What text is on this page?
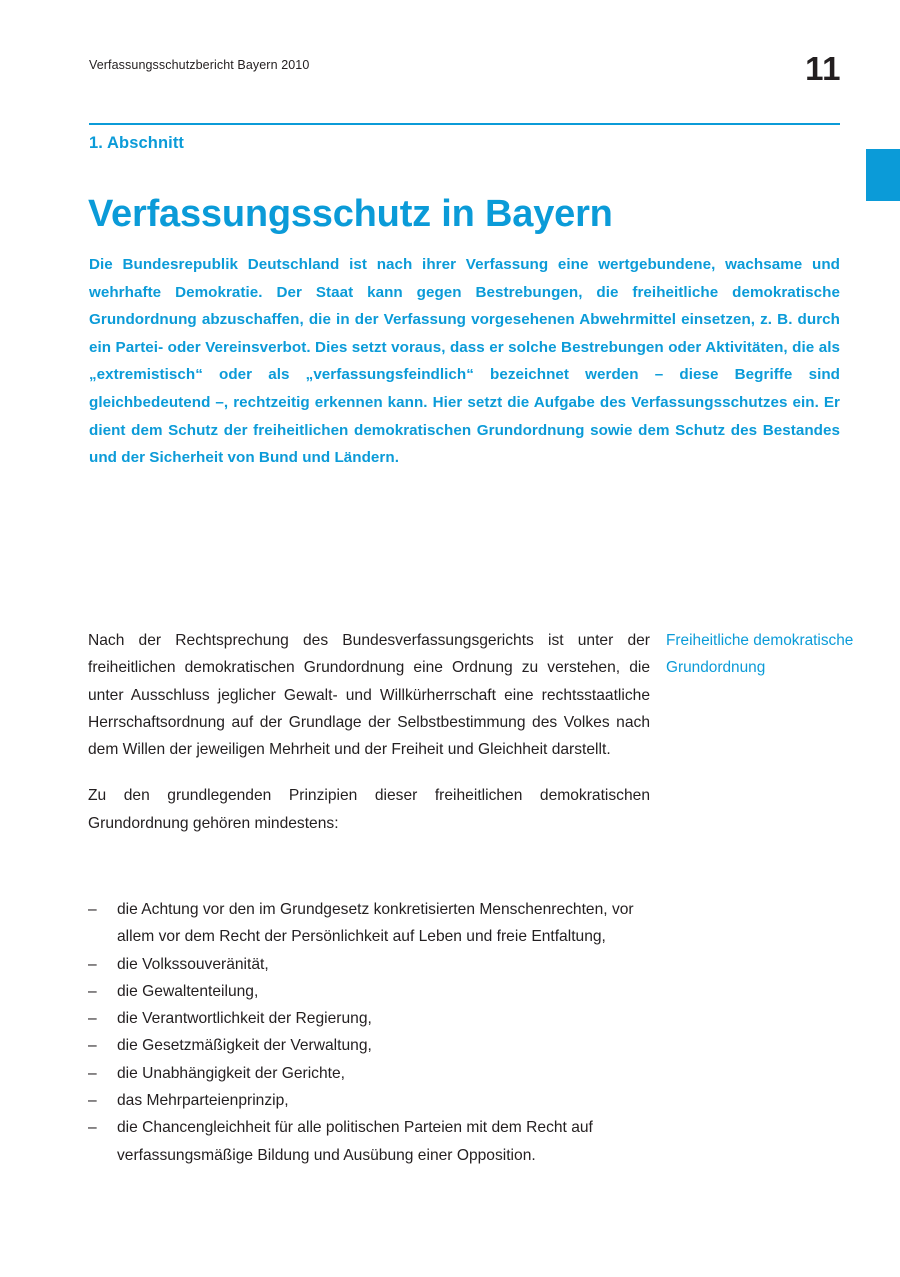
Verfassungsschutzbericht Bayern 2010	11
1. Abschnitt
Verfassungsschutz in Bayern
Die Bundesrepublik Deutschland ist nach ihrer Verfassung eine wertgebundene, wachsame und wehrhafte Demokratie. Der Staat kann gegen Bestrebungen, die freiheitliche demokratische Grundordnung abzuschaffen, die in der Verfassung vorgesehenen Abwehrmittel einsetzen, z. B. durch ein Partei- oder Vereinsverbot. Dies setzt voraus, dass er solche Bestrebungen oder Aktivitäten, die als „extremistisch“ oder als „verfassungsfeindlich“ bezeichnet werden – diese Begriffe sind gleichbedeutend –, rechtzeitig erkennen kann. Hier setzt die Aufgabe des Verfassungsschutzes ein. Er dient dem Schutz der freiheitlichen demokratischen Grundordnung sowie dem Schutz des Bestandes und der Sicherheit von Bund und Ländern.
Freiheitliche demokratische Grundordnung

Nach der Rechtsprechung des Bundesverfassungsgerichts ist unter der freiheitlichen demokratischen Grundordnung eine Ordnung zu verstehen, die unter Ausschluss jeglicher Gewalt- und Willkürherrschaft eine rechtsstaatliche Herrschaftsordnung auf der Grundlage der Selbstbestimmung des Volkes nach dem Willen der jeweiligen Mehrheit und der Freiheit und Gleichheit darstellt.

Zu den grundlegenden Prinzipien dieser freiheitlichen demokratischen Grundordnung gehören mindestens:

– die Achtung vor den im Grundgesetz konkretisierten Menschenrechten, vor allem vor dem Recht der Persönlichkeit auf Leben und freie Entfaltung,
– die Volkssouveränität,
– die Gewaltenteilung,
– die Verantwortlichkeit der Regierung,
– die Gesetzmäßigkeit der Verwaltung,
– die Unabhängigkeit der Gerichte,
– das Mehrparteienprinzip,
– die Chancengleichheit für alle politischen Parteien mit dem Recht auf verfassungsmäßige Bildung und Ausübung einer Opposition.
